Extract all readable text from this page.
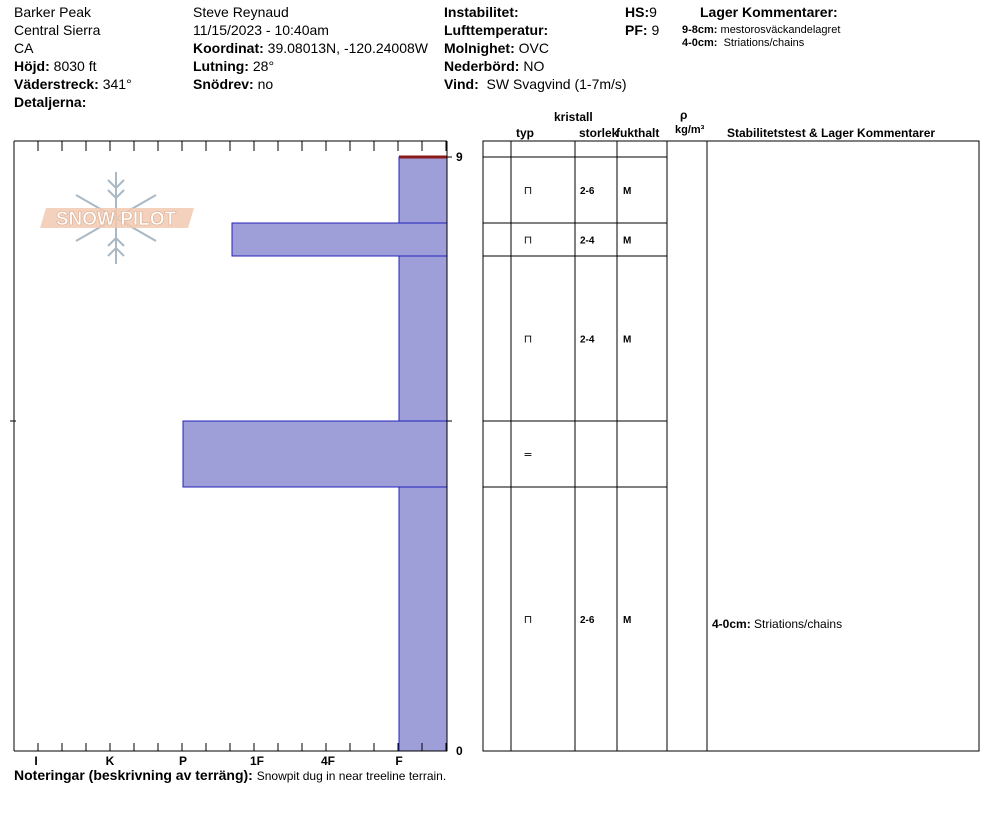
Barker Peak
Central Sierra
CA
Höjd: 8030 ft
Väderstreck: 341°
Detaljerna:
Steve Reynaud
11/15/2023 - 10:40am
Koordinat: 39.08013N, -120.24008W
Lutning: 28°
Snödrev: no
Instabilitet:
Lufttemperatur:
Molnighet: OVC
Nederbörd: NO
Vind: SW Svagvind (1-7m/s)
HS:9
PF: 9
Lager Kommentarer:
9-8cm: mestorosväckandelagret
4-0cm: Striations/chains
kristall
typ	storlek
fukthalt
ρ
kg/m³ Stabilitetstest & Lager Kommentarer
SNOW PILOT
I	K	P	1F	4F	F
9
0
⊓	2-6	M
⊓	2-4	M
⊓	2-4	M
=
⊓	2-6	M	4-0cm: Striations/chains
Noteringar (beskrivning av terräng): Snowpit dug in near treeline terrain.
